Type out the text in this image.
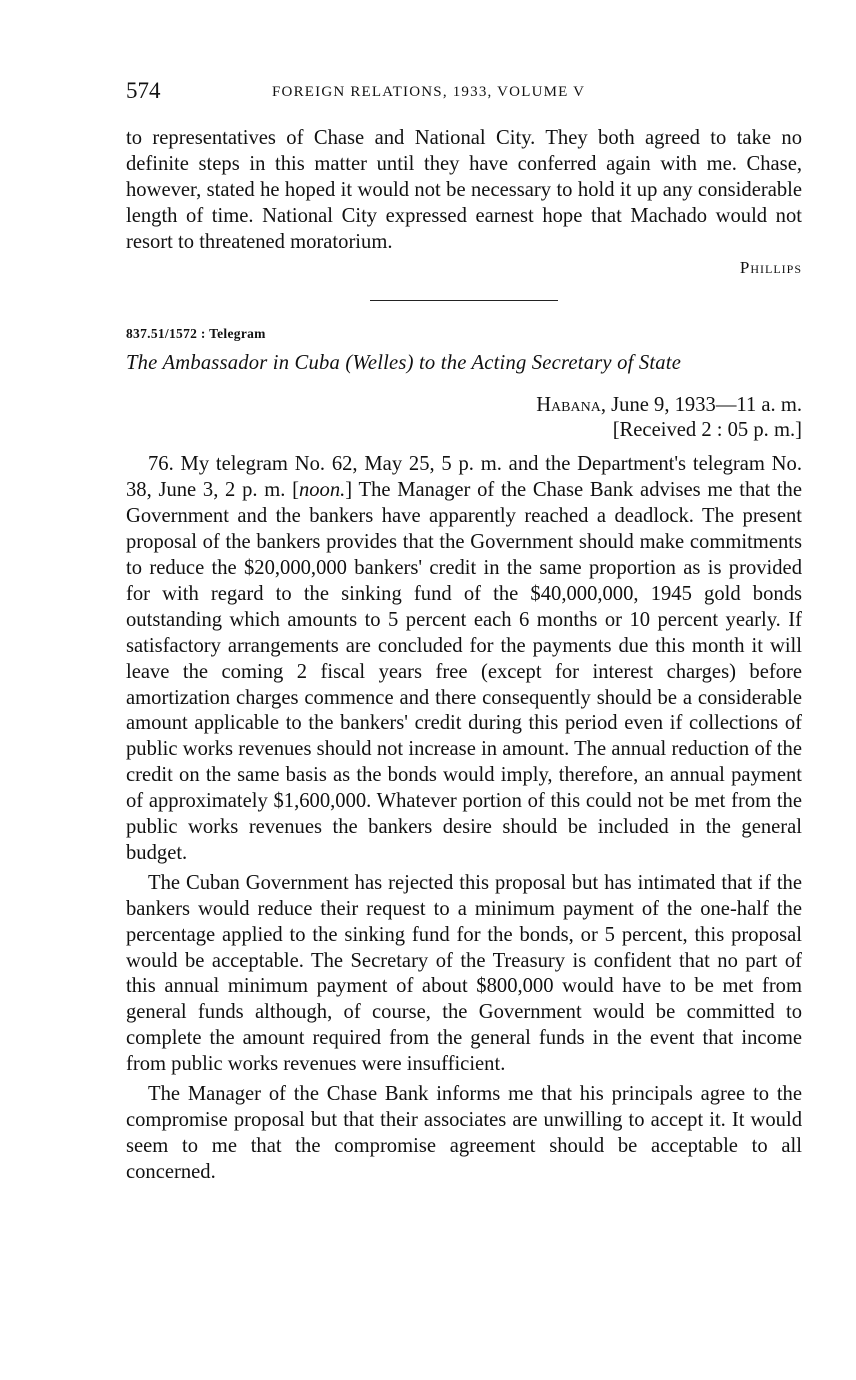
574	FOREIGN RELATIONS, 1933, VOLUME V

to representatives of Chase and National City. They both agreed to take no definite steps in this matter until they have conferred again with me. Chase, however, stated he hoped it would not be necessary to hold it up any considerable length of time. National City expressed earnest hope that Machado would not resort to threatened moratorium.

Phillips

837.51/1572 : Telegram
The Ambassador in Cuba (Welles) to the Acting Secretary of State
Habana, June 9, 1933—11 a. m.
[Received 2 : 05 p. m.]

76. My telegram No. 62, May 25, 5 p. m. and the Department's telegram No. 38, June 3, 2 p. m. [noon.] The Manager of the Chase Bank advises me that the Government and the bankers have apparently reached a deadlock. The present proposal of the bankers provides that the Government should make commitments to reduce the $20,000,000 bankers' credit in the same proportion as is provided for with regard to the sinking fund of the $40,000,000, 1945 gold bonds outstanding which amounts to 5 percent each 6 months or 10 percent yearly. If satisfactory arrangements are concluded for the payments due this month it will leave the coming 2 fiscal years free (except for interest charges) before amortization charges commence and there consequently should be a considerable amount applicable to the bankers' credit during this period even if collections of public works revenues should not increase in amount. The annual reduction of the credit on the same basis as the bonds would imply, therefore, an annual payment of approximately $1,600,000. Whatever portion of this could not be met from the public works revenues the bankers desire should be included in the general budget.

The Cuban Government has rejected this proposal but has intimated that if the bankers would reduce their request to a minimum payment of the one-half the percentage applied to the sinking fund for the bonds, or 5 percent, this proposal would be acceptable. The Secretary of the Treasury is confident that no part of this annual minimum payment of about $800,000 would have to be met from general funds although, of course, the Government would be committed to complete the amount required from the general funds in the event that income from public works revenues were insufficient.

The Manager of the Chase Bank informs me that his principals agree to the compromise proposal but that their associates are unwilling to accept it. It would seem to me that the compromise agreement should be acceptable to all concerned.
